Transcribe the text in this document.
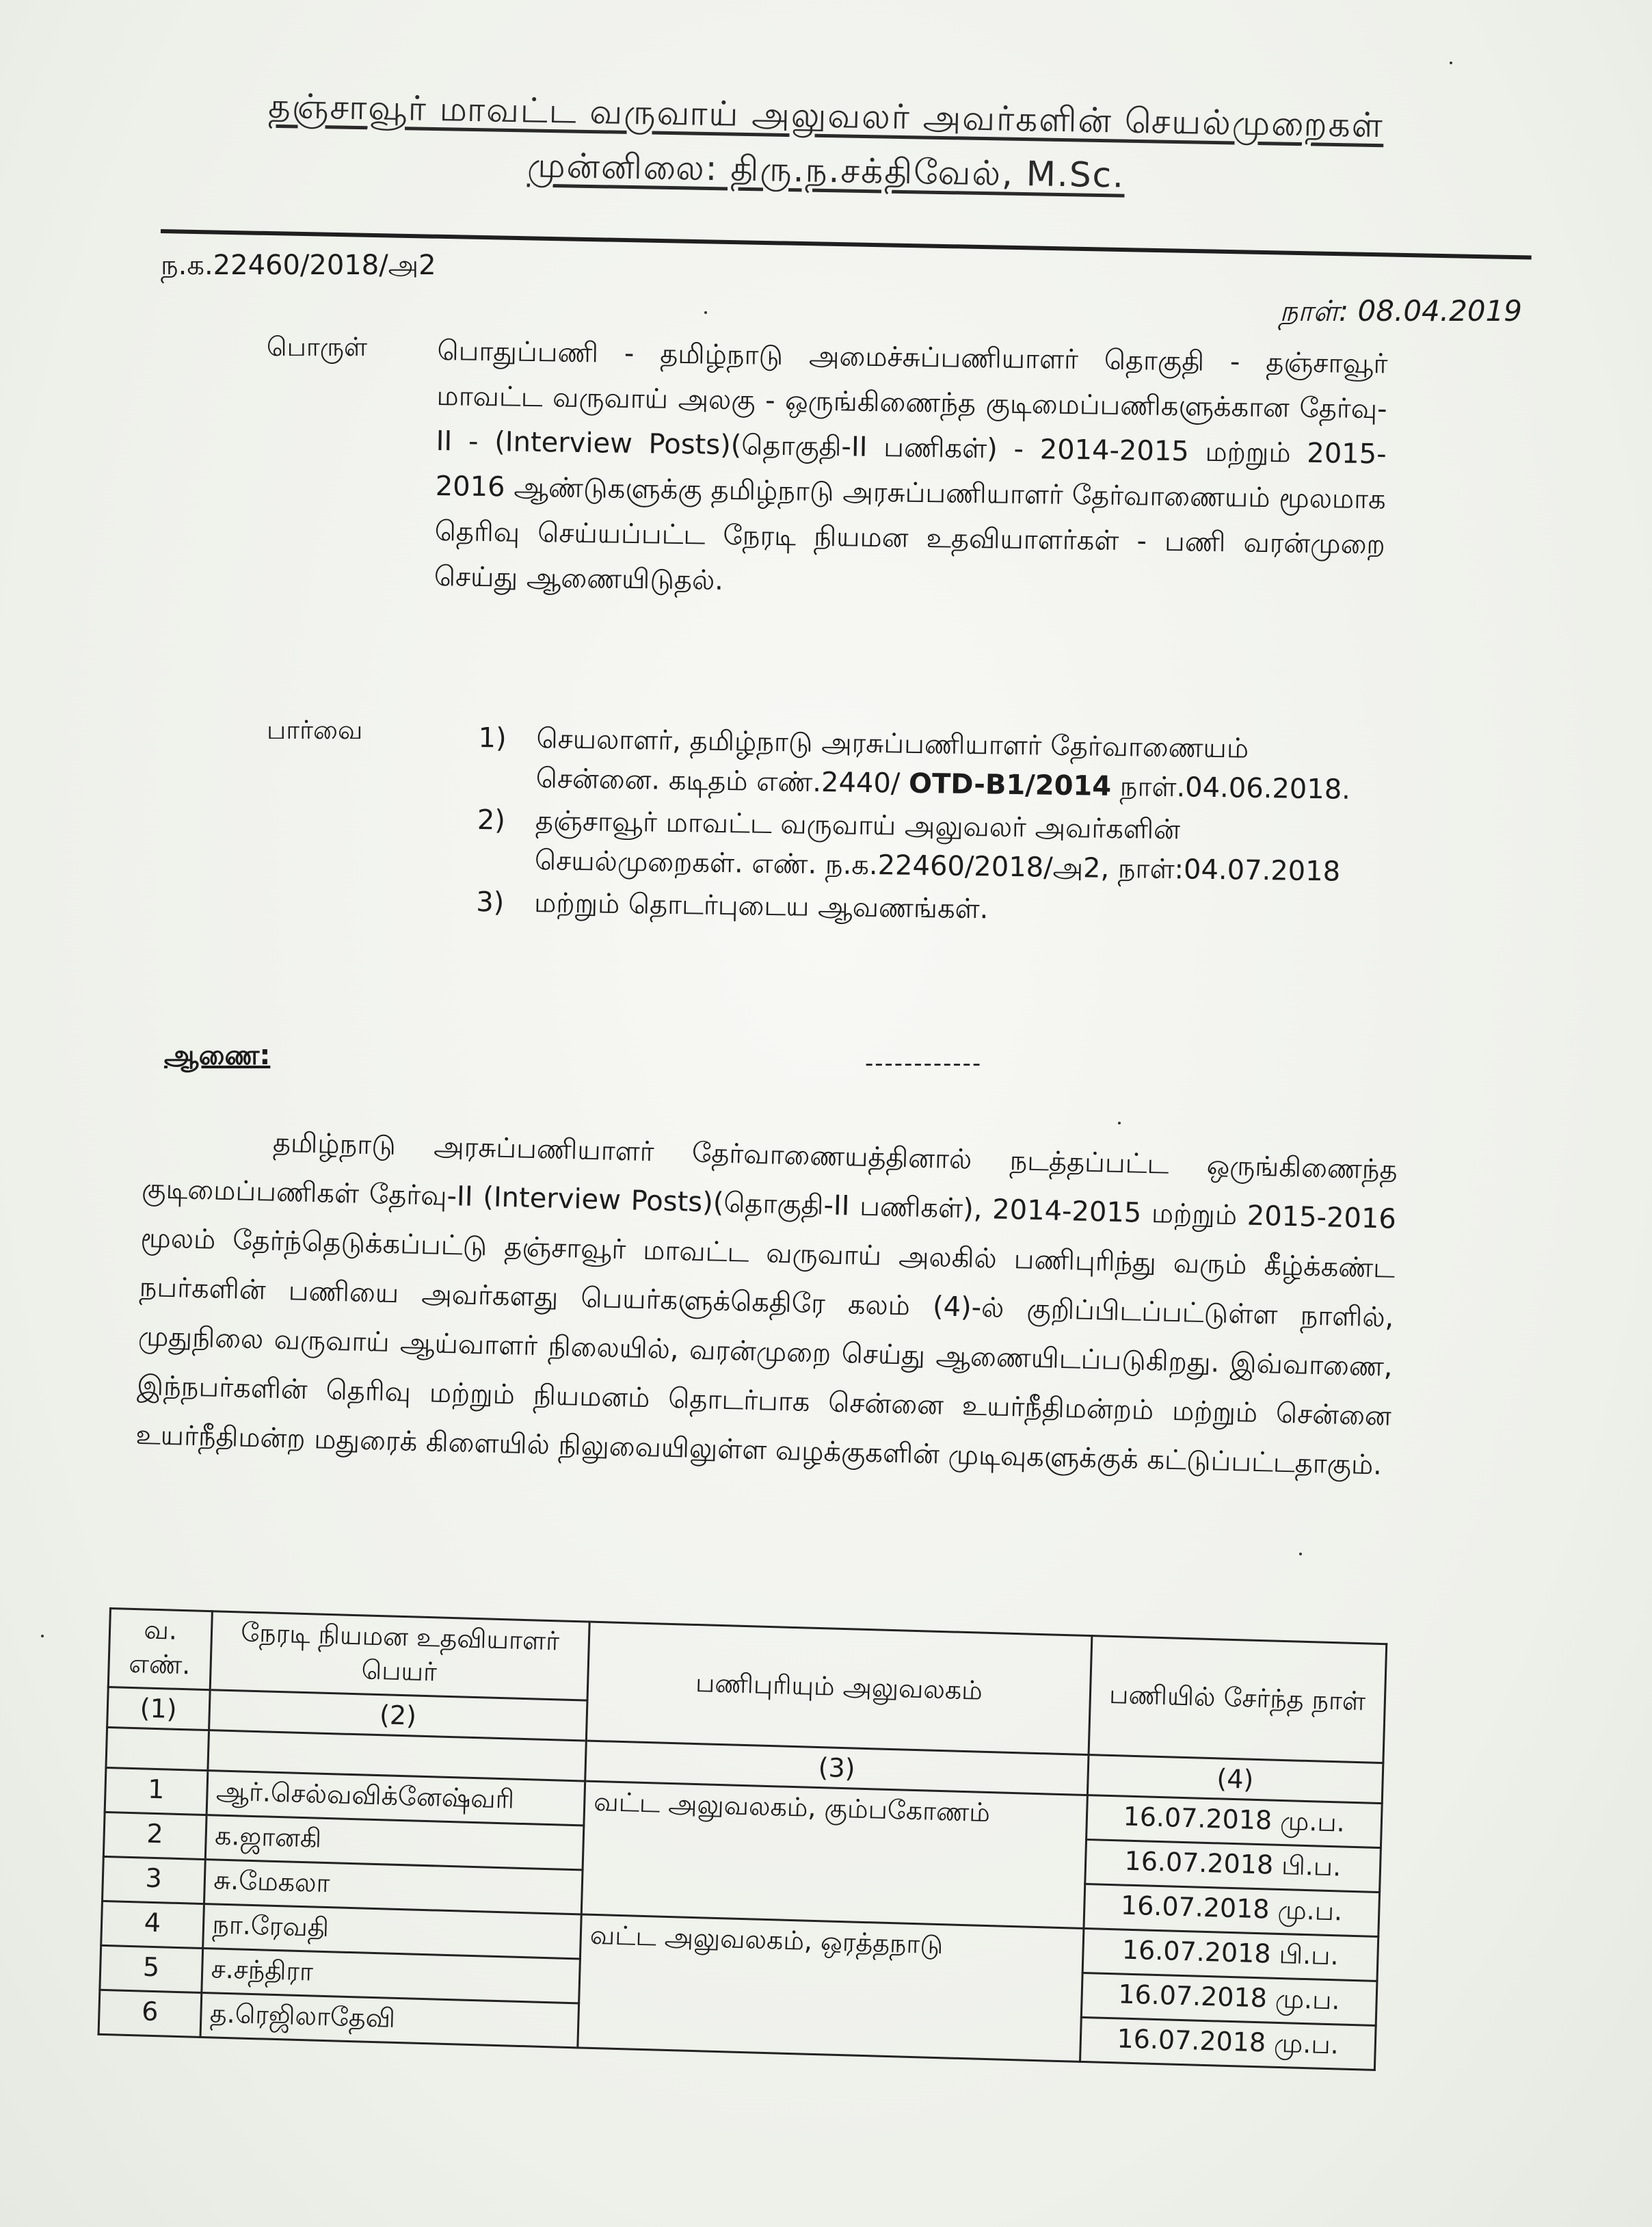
தஞ்சாவூர் மாவட்ட வருவாய் அலுவலர் அவர்களின் செயல்முறைகள்
முன்னிலை: திரு.ந.சக்திவேல், M.Sc.
ந.க.22460/2018/அ2
நாள்: 08.04.2019
பொருள்	பொதுப்பணி - தமிழ்நாடு அமைச்சுப்பணியாளர் தொகுதி - தஞ்சாவூர் மாவட்ட வருவாய் அலகு - ஒருங்கிணைந்த குடிமைப்பணிகளுக்கான தேர்வு-II - (Interview Posts)(தொகுதி-II பணிகள்) - 2014-2015 மற்றும் 2015-2016 ஆண்டுகளுக்கு தமிழ்நாடு அரசுப்பணியாளர் தேர்வாணையம் மூலமாக தெரிவு செய்யப்பட்ட நேரடி நியமன உதவியாளர்கள் - பணி வரன்முறை செய்து ஆணையிடுதல்.
பார்வை	1) செயலாளர், தமிழ்நாடு அரசுப்பணியாளர் தேர்வாணையம் சென்னை. கடிதம் எண்.2440/ OTD-B1/2014 நாள்.04.06.2018.
2) தஞ்சாவூர் மாவட்ட வருவாய் அலுவலர் அவர்களின் செயல்முறைகள். எண். ந.க.22460/2018/அ2, நாள்:04.07.2018
3) மற்றும் தொடர்புடைய ஆவணங்கள்.
ஆணை:	------------
தமிழ்நாடு அரசுப்பணியாளர் தேர்வாணையத்தினால் நடத்தப்பட்ட ஒருங்கிணைந்த குடிமைப்பணிகள் தேர்வு-II (Interview Posts)(தொகுதி-II பணிகள்), 2014-2015 மற்றும் 2015-2016 மூலம் தேர்ந்தெடுக்கப்பட்டு தஞ்சாவூர் மாவட்ட வருவாய் அலகில் பணிபுரிந்து வரும் கீழ்க்கண்ட நபர்களின் பணியை அவர்களது பெயர்களுக்கெதிரே கலம் (4)-ல் குறிப்பிடப்பட்டுள்ள நாளில், முதுநிலை வருவாய் ஆய்வாளர் நிலையில், வரன்முறை செய்து ஆணையிடப்படுகிறது. இவ்வாணை, இந்நபர்களின் தெரிவு மற்றும் நியமனம் தொடர்பாக சென்னை உயர்நீதிமன்றம் மற்றும் சென்னை உயர்நீதிமன்ற மதுரைக் கிளையில் நிலுவையிலுள்ள வழக்குகளின் முடிவுகளுக்குக் கட்டுப்பட்டதாகும்.
வ. எண்.	நேரடி நியமன உதவியாளர் பெயர்	பணிபுரியும் அலுவலகம்	பணியில் சேர்ந்த நாள்
(1)	(2)		
		(3)	(4)
1	ஆர்.செல்வவிக்னேஷ்வரி	வட்ட அலுவலகம், கும்பகோணம்	16.07.2018 மு.ப.
2	க.ஜானகி		16.07.2018 பி.ப.
3	சு.மேகலா		16.07.2018 மு.ப.
4	நா.ரேவதி	வட்ட அலுவலகம், ஒரத்தநாடு	16.07.2018 பி.ப.
5	ச.சந்திரா		16.07.2018 மு.ப.
6	த.ரெஜிலாதேவி		16.07.2018 மு.ப.
